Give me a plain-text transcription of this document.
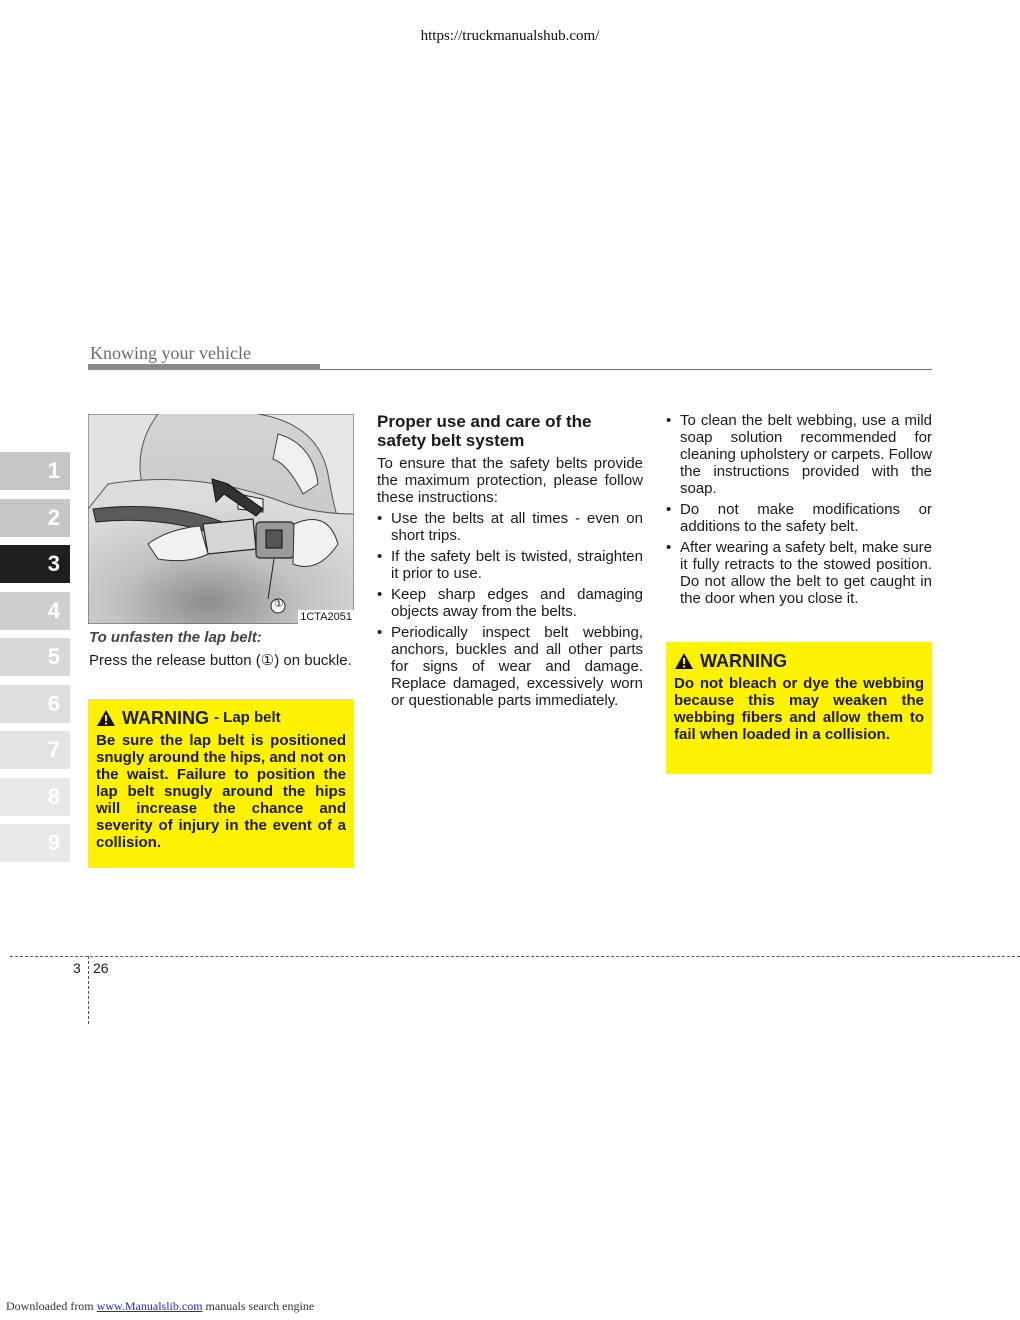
https://truckmanualshub.com/
Knowing your vehicle
1
2
3
4
5
6
7
8
9
①
1CTA2051
To unfasten the lap belt:
Press the release button (①) on buckle.
WARNING - Lap belt
Be sure the lap belt is positioned snugly around the hips, and not on the waist. Failure to position the lap belt snugly around the hips will increase the chance and severity of injury in the event of a collision.
Proper use and care of the safety belt system
To ensure that the safety belts provide the maximum protection, please follow these instructions:
• Use the belts at all times - even on short trips.
• If the safety belt is twisted, straighten it prior to use.
• Keep sharp edges and damaging objects away from the belts.
• Periodically inspect belt webbing, anchors, buckles and all other parts for signs of wear and damage. Replace damaged, excessively worn or questionable parts immediately.
• To clean the belt webbing, use a mild soap solution recommended for cleaning upholstery or carpets. Follow the instructions provided with the soap.
• Do not make modifications or additions to the safety belt.
• After wearing a safety belt, make sure it fully retracts to the stowed position. Do not allow the belt to get caught in the door when you close it.
WARNING
Do not bleach or dye the webbing because this may weaken the webbing fibers and allow them to fail when loaded in a collision.
3 26
Downloaded from www.Manualslib.com manuals search engine
